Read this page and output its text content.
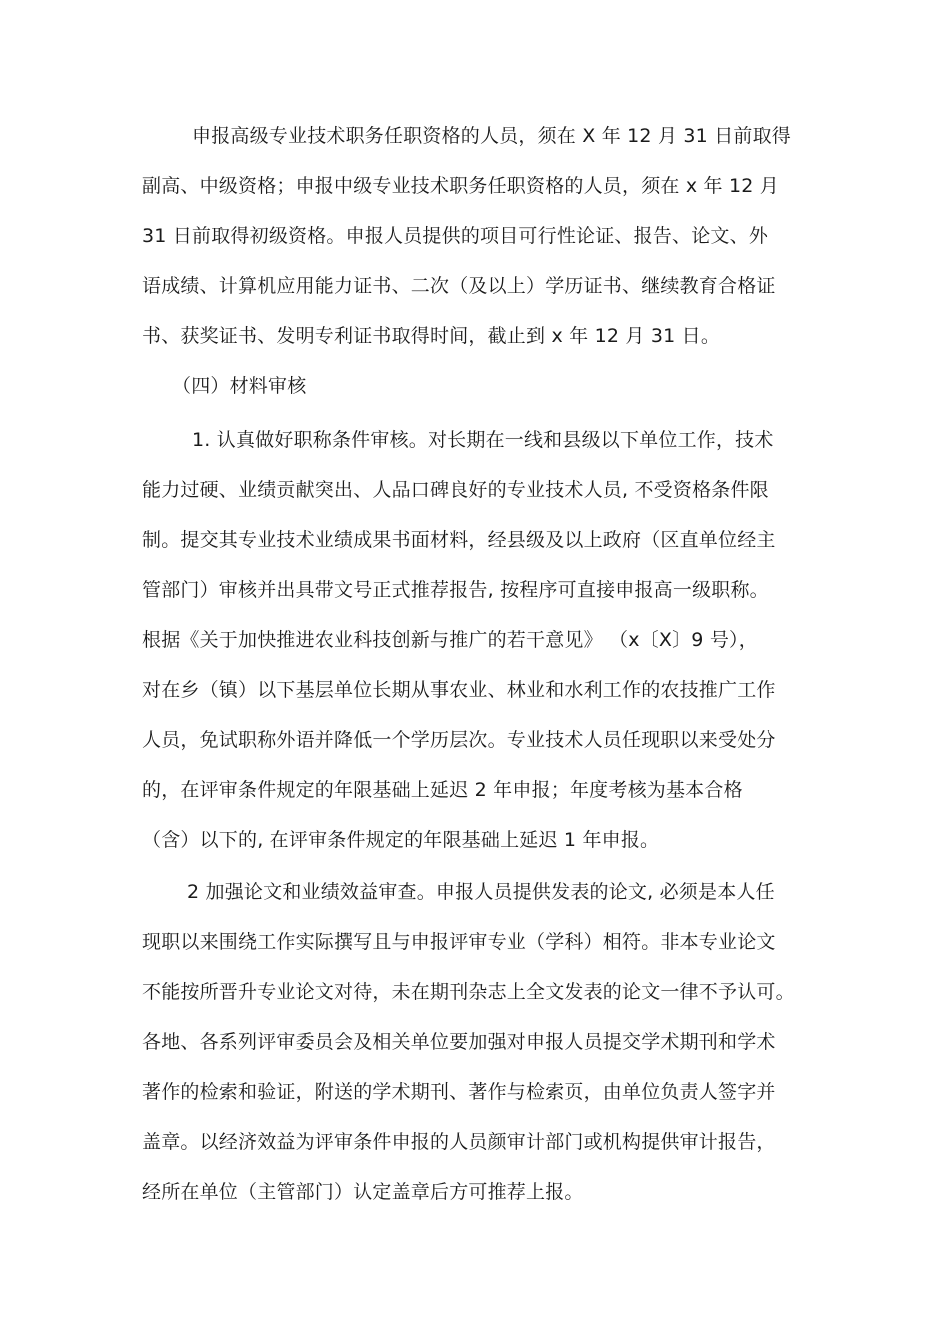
申报高级专业技术职务任职资格的人员，须在 X 年 12 月 31 日前取得

副高、中级资格；申报中级专业技术职务任职资格的人员，须在 x 年 12 月

31 日前取得初级资格。申报人员提供的项目可行性论证、报告、论文、外

语成绩、计算机应用能力证书、二次（及以上）学历证书、继续教育合格证

书、获奖证书、发明专利证书取得时间，截止到 x 年 12 月 31 日。

（四）材料审核

1. 认真做好职称条件审核。对长期在一线和县级以下单位工作，技术

能力过硬、业绩贡献突出、人品口碑良好的专业技术人员, 不受资格条件限

制。提交其专业技术业绩成果书面材料，经县级及以上政府（区直单位经主

管部门）审核并出具带文号正式推荐报告, 按程序可直接申报高一级职称。

根据《关于加快推进农业科技创新与推广的若干意见》 （x〔X〕9 号），

对在乡（镇）以下基层单位长期从事农业、林业和水利工作的农技推广工作

人员，免试职称外语并降低一个学历层次。专业技术人员任现职以来受处分

的，在评审条件规定的年限基础上延迟 2 年申报；年度考核为基本合格

（含）以下的, 在评审条件规定的年限基础上延迟 1 年申报。

2 加强论文和业绩效益审查。申报人员提供发表的论文, 必须是本人任

现职以来围绕工作实际撰写且与申报评审专业（学科）相符。非本专业论文

不能按所晋升专业论文对待，未在期刊杂志上全文发表的论文一律不予认可。

各地、各系列评审委员会及相关单位要加强对申报人员提交学术期刊和学术

著作的检索和验证，附送的学术期刊、著作与检索页，由单位负责人签字并

盖章。以经济效益为评审条件申报的人员颜审计部门或机构提供审计报告，

经所在单位（主管部门）认定盖章后方可推荐上报。
